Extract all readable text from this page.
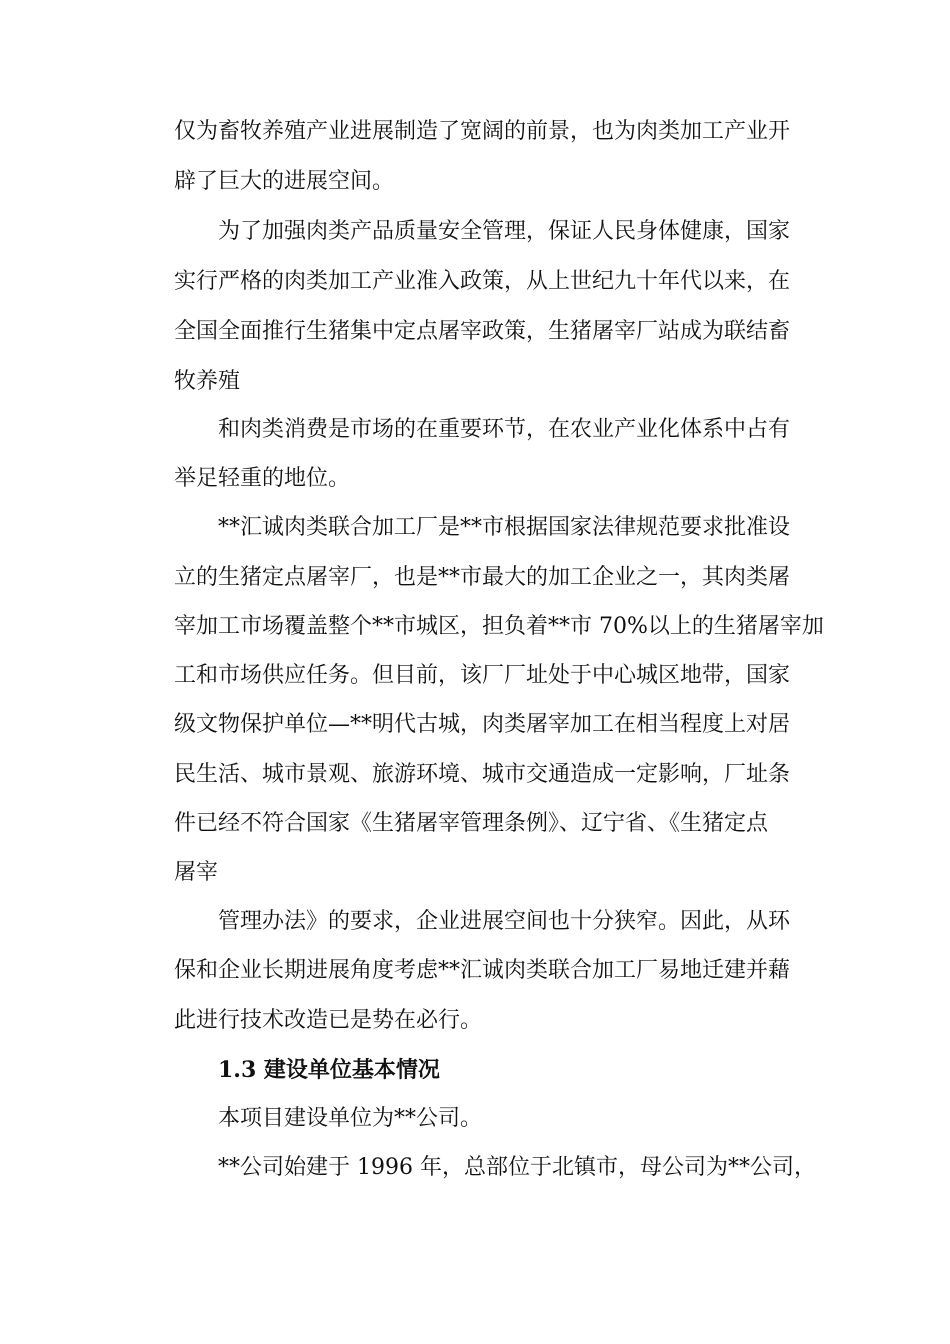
仅为畜牧养殖产业进展制造了宽阔的前景，也为肉类加工产业开
辟了巨大的进展空间。
为了加强肉类产品质量安全管理，保证人民身体健康，国家
实行严格的肉类加工产业准入政策，从上世纪九十年代以来，在
全国全面推行生猪集中定点屠宰政策，生猪屠宰厂站成为联结畜
牧养殖
和肉类消费是市场的在重要环节，在农业产业化体系中占有
举足轻重的地位。
**汇诚肉类联合加工厂是**市根据国家法律规范要求批准设
立的生猪定点屠宰厂，也是**市最大的加工企业之一，其肉类屠
宰加工市场覆盖整个**市城区，担负着**市 70%以上的生猪屠宰加
工和市场供应任务。但目前，该厂厂址处于中心城区地带，国家
级文物保护单位—**明代古城，肉类屠宰加工在相当程度上对居
民生活、城市景观、旅游环境、城市交通造成一定影响，厂址条
件已经不符合国家《生猪屠宰管理条例》、辽宁省、《生猪定点
屠宰
管理办法》的要求，企业进展空间也十分狭窄。因此，从环
保和企业长期进展角度考虑**汇诚肉类联合加工厂易地迁建并藉
此进行技术改造已是势在必行。
1.3 建设单位基本情况
本项目建设单位为**公司。
**公司始建于 1996 年，总部位于北镇市，母公司为**公司，
